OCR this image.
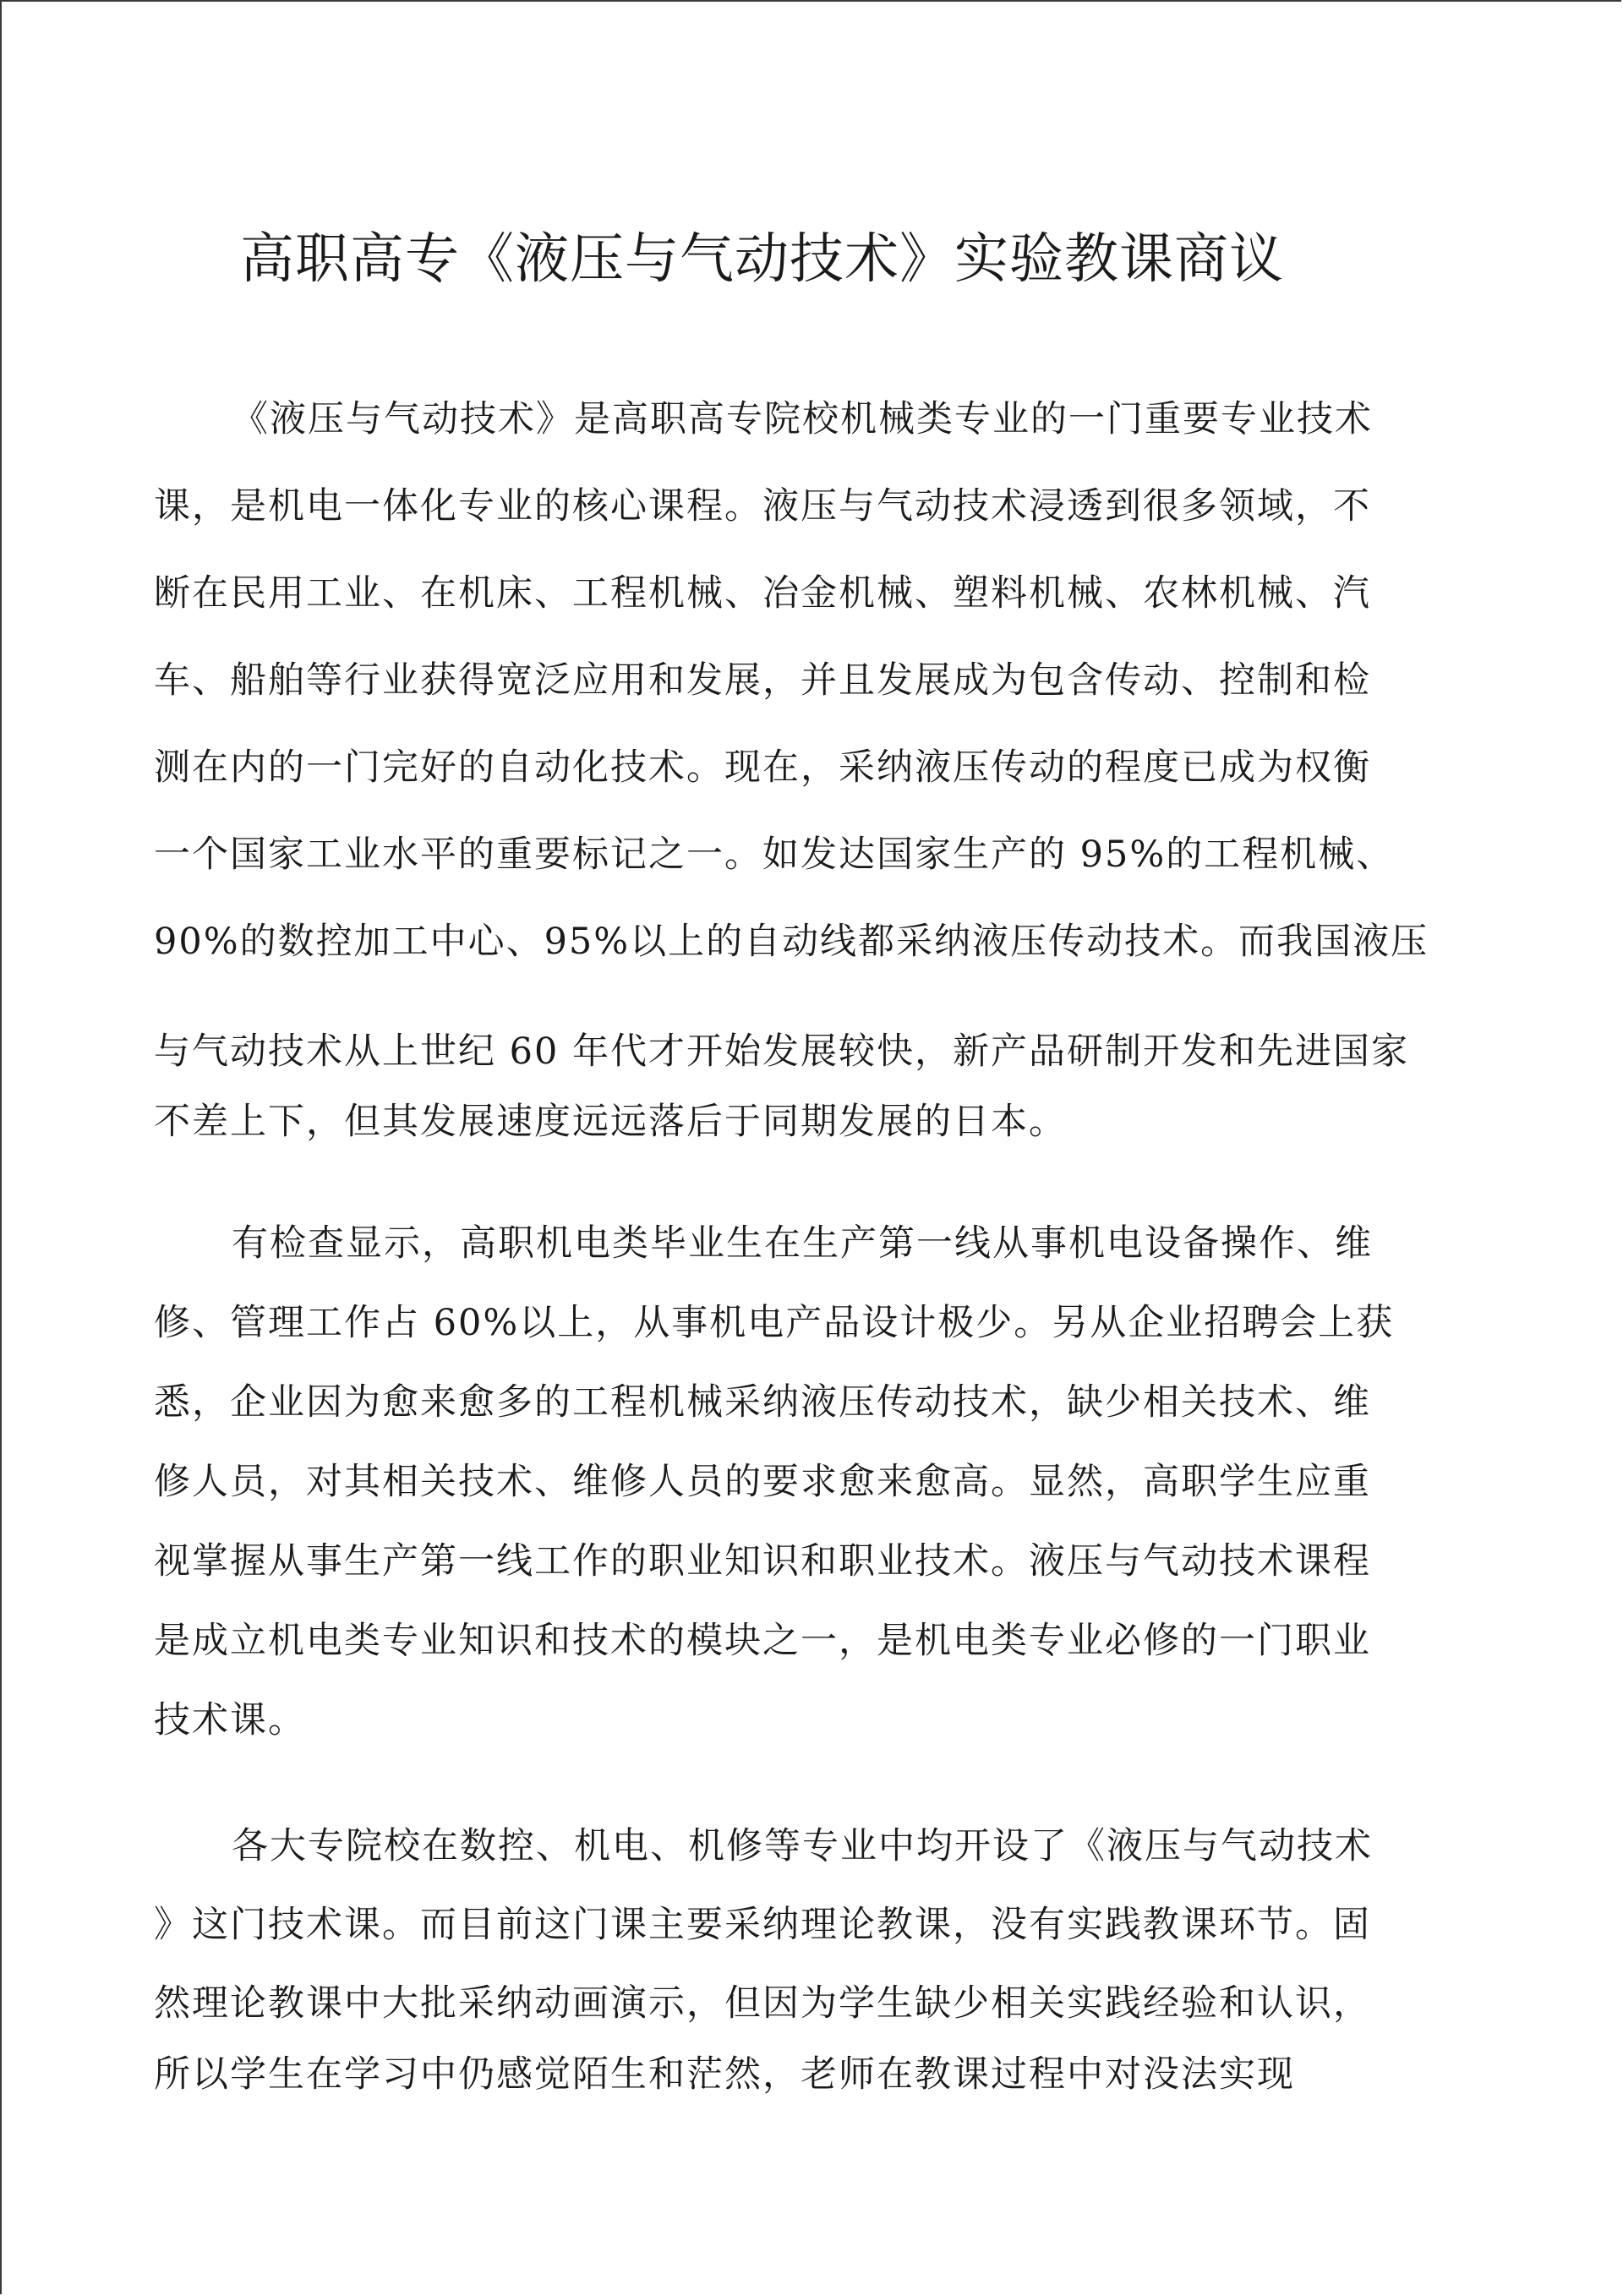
高职高专《液压与气动技术》实验教课商议

《液压与气动技术》是高职高专院校机械类专业的一门重要专业技术

课，是机电一体化专业的核心课程。液压与气动技术浸透到很多领域，不

断在民用工业、在机床、工程机械、冶金机械、塑料机械、农林机械、汽

车、船舶等行业获得宽泛应用和发展，并且发展成为包含传动、控制和检

测在内的一门完好的自动化技术。现在，采纳液压传动的程度已成为权衡

一个国家工业水平的重要标记之一。如发达国家生产的 95%的工程机械、

90%的数控加工中心、95%以上的自动线都采纳液压传动技术。而我国液压

与气动技术从上世纪 60 年代才开始发展较快，新产品研制开发和先进国家

不差上下，但其发展速度远远落后于同期发展的日本。

有检查显示，高职机电类毕业生在生产第一线从事机电设备操作、维

修、管理工作占 60%以上，从事机电产品设计极少。另从企业招聘会上获

悉，企业因为愈来愈多的工程机械采纳液压传动技术，缺少相关技术、维

修人员，对其相关技术、维修人员的要求愈来愈高。显然，高职学生应重

视掌握从事生产第一线工作的职业知识和职业技术。液压与气动技术课程

是成立机电类专业知识和技术的模块之一，是机电类专业必修的一门职业

技术课。

各大专院校在数控、机电、机修等专业中均开设了《液压与气动技术

》这门技术课。而目前这门课主要采纳理论教课，没有实践教课环节。固

然理论教课中大批采纳动画演示，但因为学生缺少相关实践经验和认识，

所以学生在学习中仍感觉陌生和茫然，老师在教课过程中对没法实现
